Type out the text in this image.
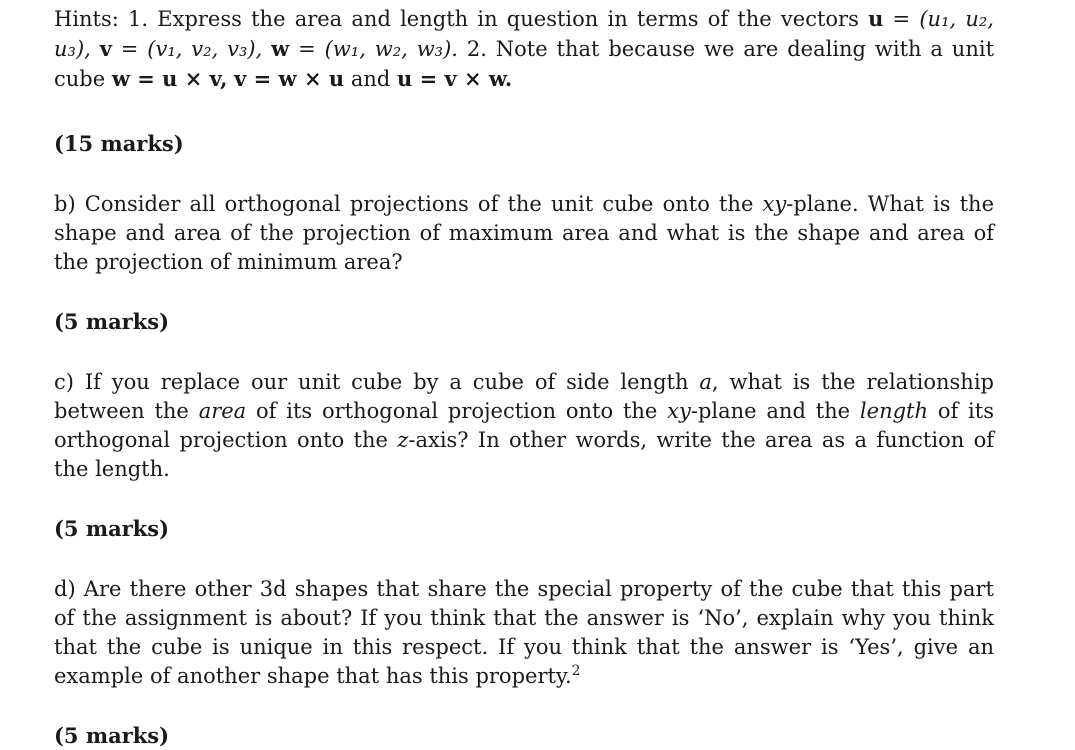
Hints: 1. Express the area and length in question in terms of the vectors u = (u₁, u₂, u₃), v = (v₁, v₂, v₃), w = (w₁, w₂, w₃). 2. Note that because we are dealing with a unit cube w = u × v, v = w × u and u = v × w.

(15 marks)

b) Consider all orthogonal projections of the unit cube onto the xy-plane. What is the shape and area of the projection of maximum area and what is the shape and area of the projection of minimum area?

(5 marks)

c) If you replace our unit cube by a cube of side length a, what is the relationship between the area of its orthogonal projection onto the xy-plane and the length of its orthogonal projection onto the z-axis? In other words, write the area as a function of the length.

(5 marks)

d) Are there other 3d shapes that share the special property of the cube that this part of the assignment is about? If you think that the answer is ‘No’, explain why you think that the cube is unique in this respect. If you think that the answer is ‘Yes’, give an example of another shape that has this property.$^2$

(5 marks)
